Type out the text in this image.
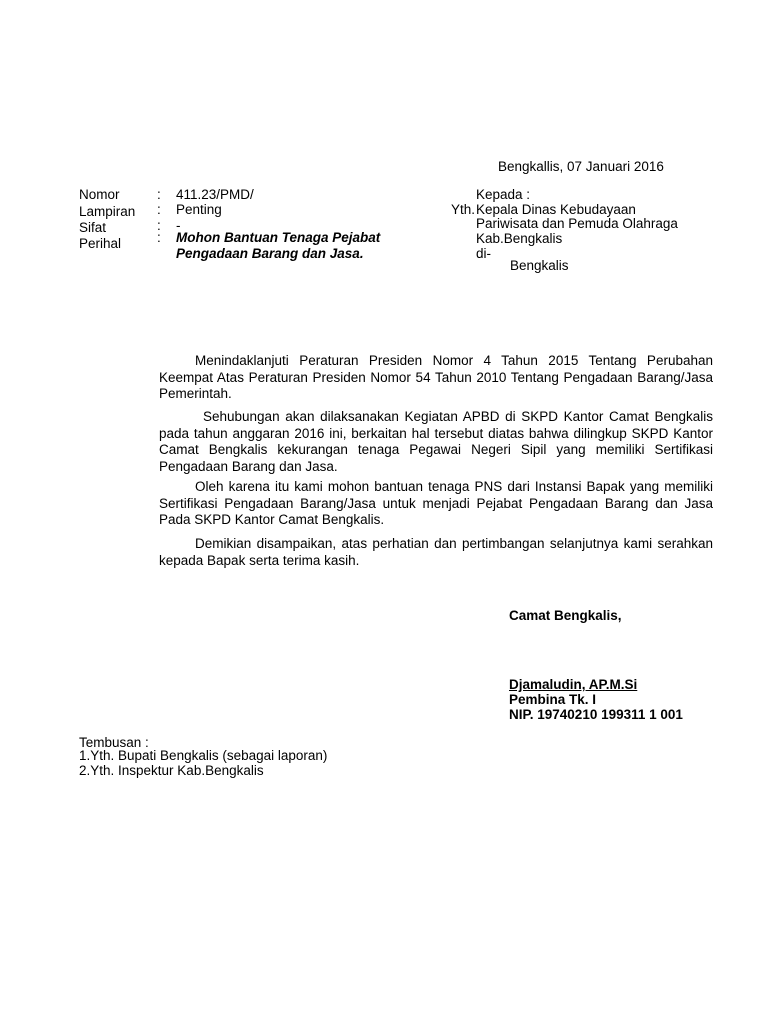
Bengkallis, 07 Januari 2016
Nomor	: 411.23/PMD/
Lampiran : Penting
Sifat	: -
Perihal	: Mohon Bantuan Tenaga Pejabat
Pengadaan Barang dan Jasa.
Kepada :
Yth. Kepala Dinas Kebudayaan
Pariwisata dan Pemuda Olahraga
Kab.Bengkalis
di-
Bengkalis
Menindaklanjuti Peraturan Presiden Nomor 4 Tahun 2015 Tentang Perubahan Keempat Atas Peraturan Presiden Nomor 54 Tahun 2010 Tentang Pengadaan Barang/Jasa Pemerintah.
Sehubungan akan dilaksanakan Kegiatan APBD di SKPD Kantor Camat Bengkalis pada tahun anggaran 2016 ini, berkaitan hal tersebut diatas bahwa dilingkup SKPD Kantor Camat Bengkalis kekurangan tenaga Pegawai Negeri Sipil yang memiliki Sertifikasi Pengadaan Barang dan Jasa.
Oleh karena itu kami mohon bantuan tenaga PNS dari Instansi Bapak yang memiliki Sertifikasi Pengadaan Barang/Jasa untuk menjadi Pejabat Pengadaan Barang dan Jasa Pada SKPD Kantor Camat Bengkalis.
Demikian disampaikan, atas perhatian dan pertimbangan selanjutnya kami serahkan kepada Bapak serta terima kasih.
Camat Bengkalis,
Djamaludin, AP.M.Si
Pembina Tk. I
NIP. 19740210 199311 1 001
Tembusan :
1.Yth. Bupati Bengkalis (sebagai laporan)
2.Yth. Inspektur Kab.Bengkalis
